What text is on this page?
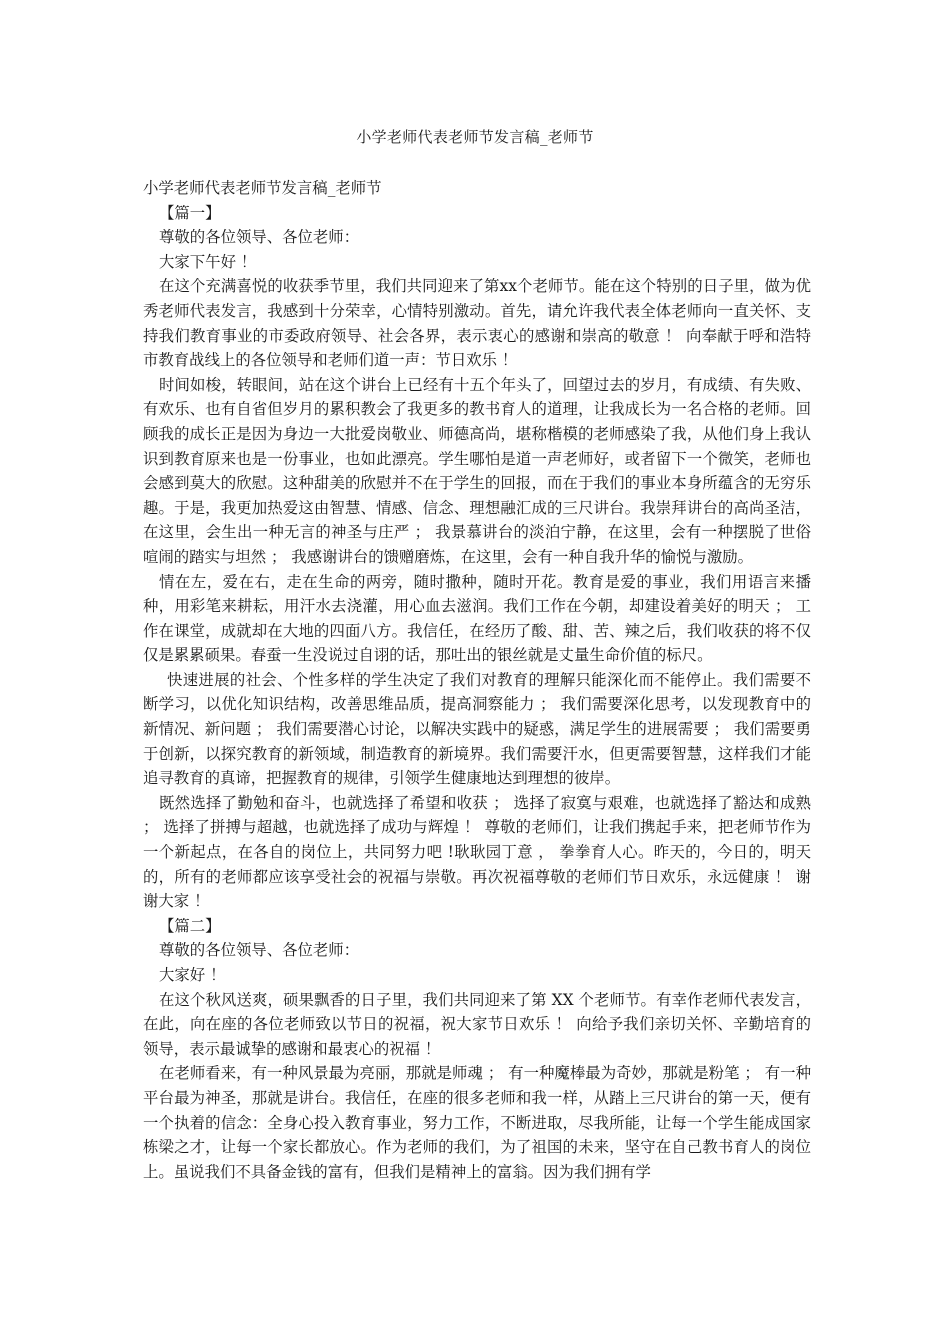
小学老师代表老师节发言稿_老师节

小学老师代表老师节发言稿_老师节

【篇一】

尊敬的各位领导、各位老师：

大家下午好 ！

在这个充满喜悦的收获季节里，我们共同迎来了第xx个老师节。能在这个特别的日子里，做为优秀老师代表发言，我感到十分荣幸，心情特别激动。首先，请允许我代表全体老师向一直关怀、支持我们教育事业的市委政府领导、社会各界，表示衷心的感谢和崇高的敬意 ！ 向奉献于呼和浩特市教育战线上的各位领导和老师们道一声：节日欢乐 ！

时间如梭，转眼间，站在这个讲台上已经有十五个年头了，回望过去的岁月，有成绩、有失败、有欢乐、也有自省但岁月的累积教会了我更多的教书育人的道理，让我成长为一名合格的老师。回顾我的成长正是因为身边一大批爱岗敬业、师德高尚，堪称楷模的老师感染了我，从他们身上我认识到教育原来也是一份事业，也如此漂亮。学生哪怕是道一声老师好，或者留下一个微笑，老师也会感到莫大的欣慰。这种甜美的欣慰并不在于学生的回报，而在于我们的事业本身所蕴含的无穷乐趣。于是，我更加热爱这由智慧、情感、信念、理想融汇成的三尺讲台。我崇拜讲台的高尚圣洁，在这里，会生出一种无言的神圣与庄严 ； 我景慕讲台的淡泊宁静，在这里，会有一种摆脱了世俗喧闹的踏实与坦然 ； 我感谢讲台的馈赠磨炼，在这里，会有一种自我升华的愉悦与激励。

情在左，爱在右，走在生命的两旁，随时撒种，随时开花。教育是爱的事业，我们用语言来播种，用彩笔来耕耘，用汗水去浇灌，用心血去滋润。我们工作在今朝，却建设着美好的明天 ； 工作在课堂，成就却在大地的四面八方。我信任，在经历了酸、甜、苦、辣之后，我们收获的将不仅仅是累累硕果。春蚕一生没说过自诩的话，那吐出的银丝就是丈量生命价值的标尺。

快速进展的社会、个性多样的学生决定了我们对教育的理解只能深化而不能停止。我们需要不断学习，以优化知识结构，改善思维品质，提高洞察能力 ； 我们需要深化思考，以发现教育中的新情况、新问题 ； 我们需要潜心讨论，以解决实践中的疑惑，满足学生的进展需要 ； 我们需要勇于创新，以探究教育的新领域，制造教育的新境界。我们需要汗水，但更需要智慧，这样我们才能追寻教育的真谛，把握教育的规律，引领学生健康地达到理想的彼岸。

既然选择了勤勉和奋斗，也就选择了希望和收获 ； 选择了寂寞与艰难，也就选择了豁达和成熟 ； 选择了拼搏与超越，也就选择了成功与辉煌 ！ 尊敬的老师们，让我们携起手来，把老师节作为一个新起点，在各自的岗位上，共同努力吧 !耿耿园丁意 ， 拳拳育人心。昨天的，今日的，明天的，所有的老师都应该享受社会的祝福与崇敬。再次祝福尊敬的老师们节日欢乐，永远健康 ！ 谢谢大家 ！

【篇二】

尊敬的各位领导、各位老师：

大家好 ！

在这个秋风送爽，硕果飘香的日子里，我们共同迎来了第 XX 个老师节。有幸作老师代表发言，在此，向在座的各位老师致以节日的祝福，祝大家节日欢乐 ！ 向给予我们亲切关怀、辛勤培育的领导，表示最诚挚的感谢和最衷心的祝福 ！

在老师看来，有一种风景最为亮丽，那就是师魂 ； 有一种魔棒最为奇妙，那就是粉笔 ； 有一种平台最为神圣，那就是讲台。我信任，在座的很多老师和我一样，从踏上三尺讲台的第一天，便有一个执着的信念：全身心投入教育事业，努力工作，不断进取，尽我所能，让每一个学生能成国家栋梁之才，让每一个家长都放心。作为老师的我们，为了祖国的未来，坚守在自己教书育人的岗位上。虽说我们不具备金钱的富有，但我们是精神上的富翁。因为我们拥有学
